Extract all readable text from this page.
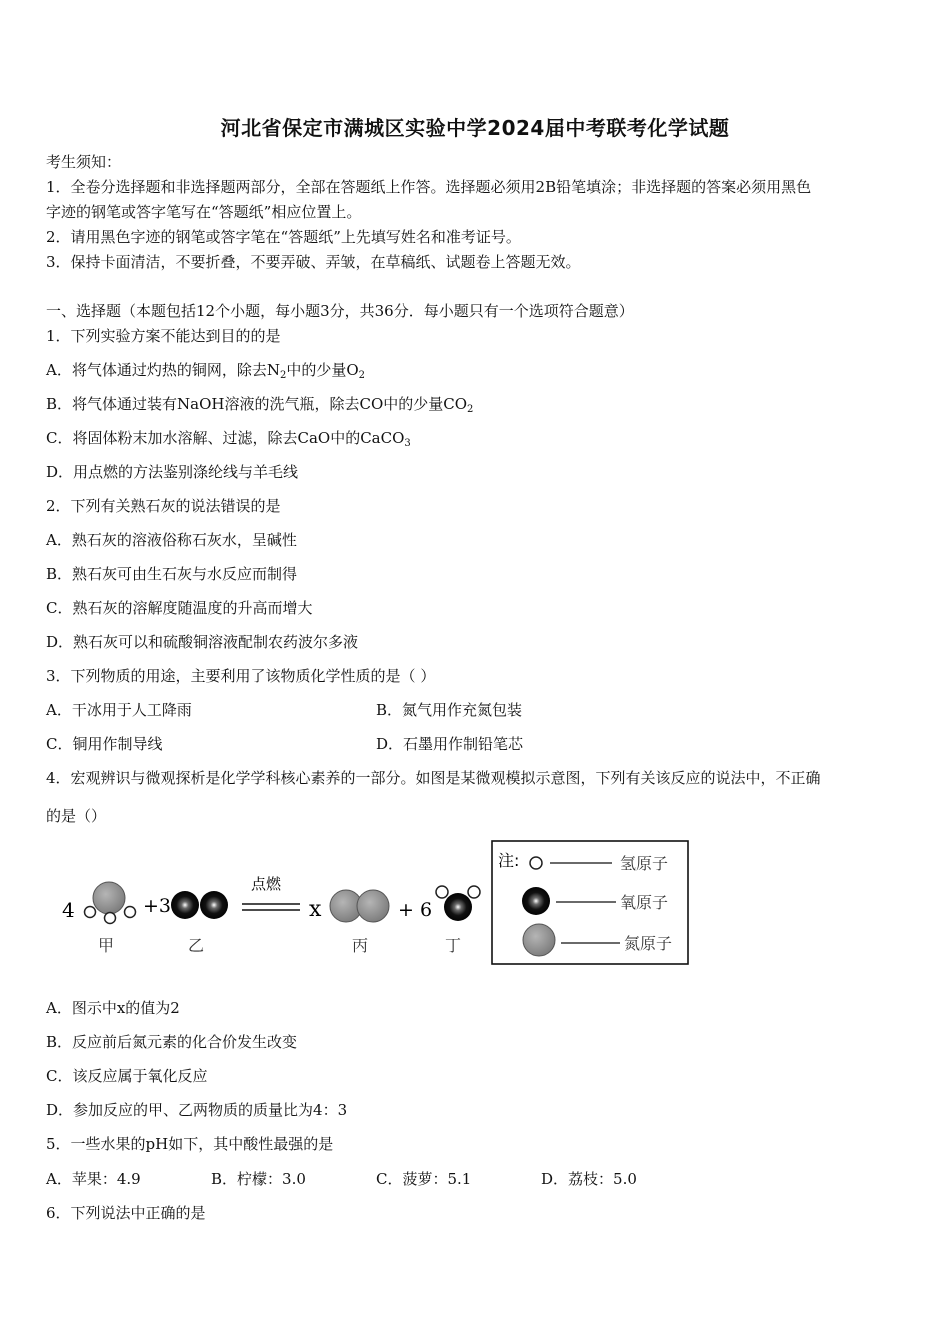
河北省保定市满城区实验中学2024届中考联考化学试题
考生须知：
1．全卷分选择题和非选择题两部分，全部在答题纸上作答。选择题必须用2B铅笔填涂；非选择题的答案必须用黑色
字迹的钢笔或答字笔写在“答题纸”相应位置上。
2．请用黑色字迹的钢笔或答字笔在“答题纸”上先填写姓名和准考证号。
3．保持卡面清洁，不要折叠，不要弄破、弄皱，在草稿纸、试题卷上答题无效。
一、选择题（本题包括12个小题，每小题3分，共36分．每小题只有一个选项符合题意）
1．下列实验方案不能达到目的的是
A．将气体通过灼热的铜网，除去$N_2$中的少量$O_2$
B．将气体通过装有NaOH溶液的洗气瓶，除去CO中的少量$CO_2$
C．将固体粉末加水溶解、过滤，除去CaO中的CaCO$_3$
D．用点燃的方法鉴别涤纶线与羊毛线
2．下列有关熟石灰的说法错误的是
A．熟石灰的溶液俗称石灰水，呈碱性
B．熟石灰可由生石灰与水反应而制得
C．熟石灰的溶解度随温度的升高而增大
D．熟石灰可以和硫酸铜溶液配制农药波尔多液
3．下列物质的用途，主要利用了该物质化学性质的是（ ）
A．干冰用于人工降雨	B．氮气用作充氮包装
C．铜用作制导线	D．石墨用作制铅笔芯
4．宏观辨识与微观探析是化学学科核心素养的一部分。如图是某微观模拟示意图，下列有关该反应的说法中，不正确
的是（）
4	+3
点燃
x	+ 6
甲	乙	丙	丁
注:	氢原子
氧原子
氮原子
A．图示中x的值为2
B．反应前后氮元素的化合价发生改变
C．该反应属于氧化反应
D．参加反应的甲、乙两物质的质量比为4：3
5．一些水果的pH如下，其中酸性最强的是
A．苹果：4.9	B．柠檬：3.0	C．菠萝：5.1	D．荔枝：5.0
6．下列说法中正确的是
